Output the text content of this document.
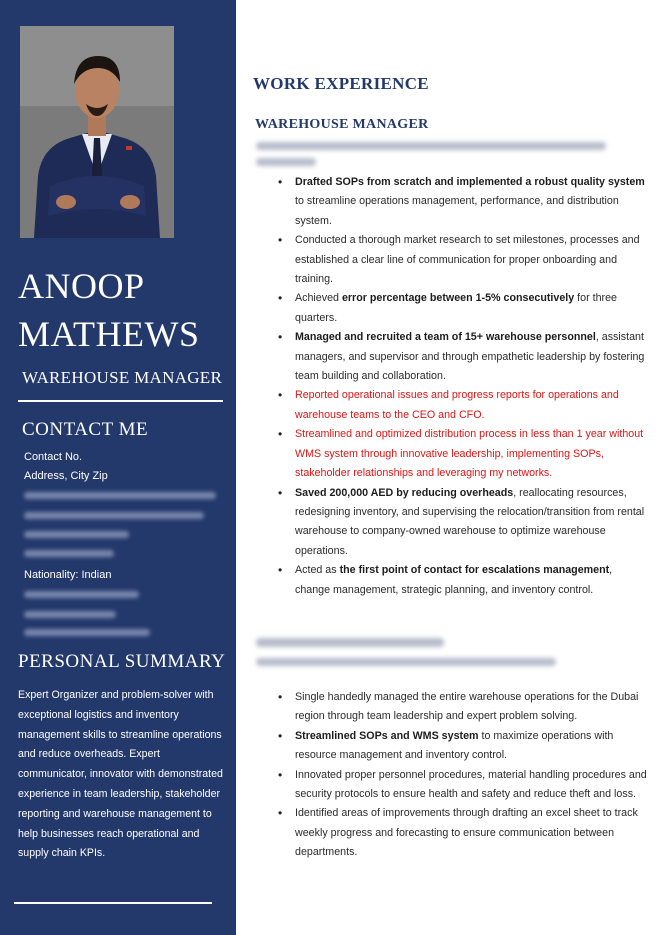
ANOOP
MATHEWS
WAREHOUSE MANAGER
CONTACT ME
Contact No.
Address, City Zip
Nationality: Indian
PERSONAL SUMMARY
Expert Organizer and problem-solver with exceptional logistics and inventory management skills to streamline operations and reduce overheads. Expert communicator, innovator with demonstrated experience in team leadership, stakeholder reporting and warehouse management to help businesses reach operational and supply chain KPIs.
WORK EXPERIENCE
WAREHOUSE MANAGER
• Drafted SOPs from scratch and implemented a robust quality system to streamline operations management, performance, and distribution system.
• Conducted a thorough market research to set milestones, processes and established a clear line of communication for proper onboarding and training.
• Achieved error percentage between 1-5% consecutively for three quarters.
• Managed and recruited a team of 15+ warehouse personnel, assistant managers, and supervisor and through empathetic leadership by fostering team building and collaboration.
• Reported operational issues and progress reports for operations and warehouse teams to the CEO and CFO.
• Streamlined and optimized distribution process in less than 1 year without WMS system through innovative leadership, implementing SOPs, stakeholder relationships and leveraging my networks.
• Saved 200,000 AED by reducing overheads, reallocating resources, redesigning inventory, and supervising the relocation/transition from rental warehouse to company-owned warehouse to optimize warehouse operations.
• Acted as the first point of contact for escalations management, change management, strategic planning, and inventory control.
• Single handedly managed the entire warehouse operations for the Dubai region through team leadership and expert problem solving.
• Streamlined SOPs and WMS system to maximize operations with resource management and inventory control.
• Innovated proper personnel procedures, material handling procedures and security protocols to ensure health and safety and reduce theft and loss.
• Identified areas of improvements through drafting an excel sheet to track weekly progress and forecasting to ensure communication between departments.
